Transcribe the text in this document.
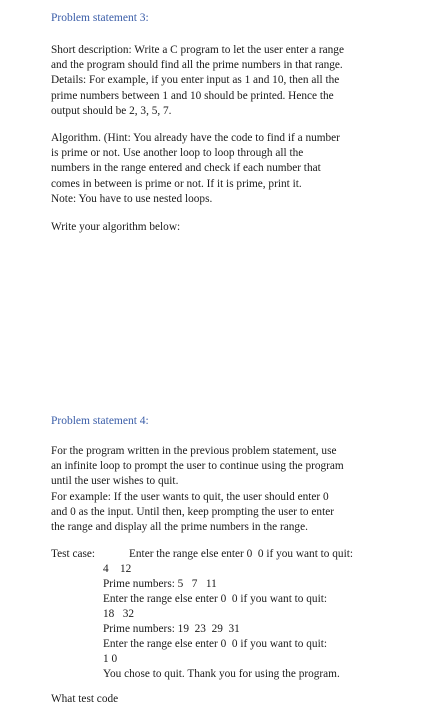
Problem statement 3:
Short description: Write a C program to let the user enter a range
and the program should find all the prime numbers in that range.
Details: For example, if you enter input as 1 and 10, then all the
prime numbers between 1 and 10 should be printed. Hence the
output should be 2, 3, 5, 7.
Algorithm. (Hint: You already have the code to find if a number
is prime or not. Use another loop to loop through all the
numbers in the range entered and check if each number that
comes in between is prime or not. If it is prime, print it.
Note: You have to use nested loops.
Write your algorithm below:
Problem statement 4:
For the program written in the previous problem statement, use
an infinite loop to prompt the user to continue using the program
until the user wishes to quit.
For example: If the user wants to quit, the user should enter 0
and 0 as the input. Until then, keep prompting the user to enter
the range and display all the prime numbers in the range.
Test case:	Enter the range else enter 0  0 if you want to quit:
4    12
Prime numbers: 5   7   11
Enter the range else enter 0  0 if you want to quit:
18   32
Prime numbers: 19  23  29  31
Enter the range else enter 0  0 if you want to quit:
1 0
You chose to quit. Thank you for using the program.
What test code
